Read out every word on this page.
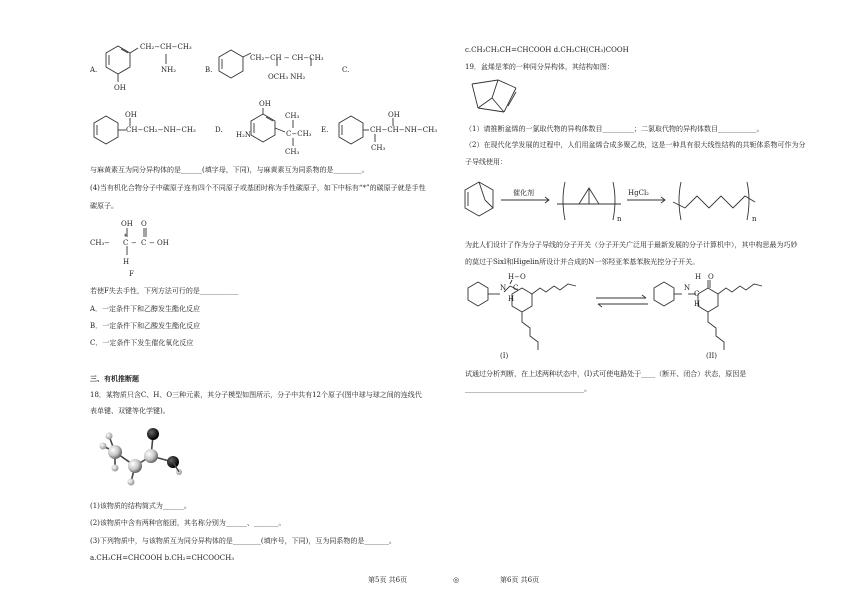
A.
CH₂−CH−CH₃
NH₂
OH
B.
CH₂−CH − CH−CH₃
OCH₃ NH₂
C.
OH
CH−CH₂−NH−CH₃	D.
OH
H₂N
CH₃
C−CH₃
CH₃
E.
OH
CH−CH−NH−CH₃
CH₃
与麻黄素互为同分异构体的是______(填字母，下同)，与麻黄素互为同系物的是________。
(4)当有机化合物分子中碳原子连有四个不同原子或基团时称为手性碳原子，如下中标有“*”的碳原子就是手性
碳原子。
OH O
CH₃ − C
*
− C − OH
H
F
若使F失去手性，下列方法可行的是___________
A．一定条件下和乙醇发生酯化反应
B．一定条件下和乙酸发生酯化反应
C．一定条件下发生催化氧化反应
三、有机推断题
18．某物质只含C、H、O三种元素，其分子模型如图所示，分子中共有12个原子(图中球与球之间的连线代
表单键、双键等化学键)。
(1)该物质的结构简式为______。
(2)该物质中含有两种官能团，其名称分别为______、_______。
(3)下列物质中，与该物质互为同分异构体的是________(填序号，下同)，互为同系物的是_______。
a.CH₃CH=CHCOOH b.CH₂=CHCOOCH₃
第5页 共6页	◎
c.CH₃CH₂CH=CHCOOH d.CH₃CH(CH₃)COOH
19．盆烯是苯的一种同分异构体，其结构如图：
（1）请推断盆烯的一氯取代物的异构体数目_________；二氯取代物的异构体数目___________。
（2）在现代化学发展的过程中，人们用盆烯合成多聚乙炔，这是一种具有很大线性结构的共轭体系物可作为分
子导线使用：
催化剂	HgCl₂
n	n
为此人们设计了作为分子导线的分子开关（分子开关广泛用于最新发展的分子计算机中），其中构思最为巧妙
的莫过于Sixl和Higelin所设计并合成的N一邻羟亚苯基苯胺光控分子开关。
H−O
N C
H
(I)
H O
N
C
H
(II)
试通过分析判断，在上述两种状态中，(I)式可使电路处于____（断开、闭合）状态，原因是
__________________________________。
第6页 共6页
